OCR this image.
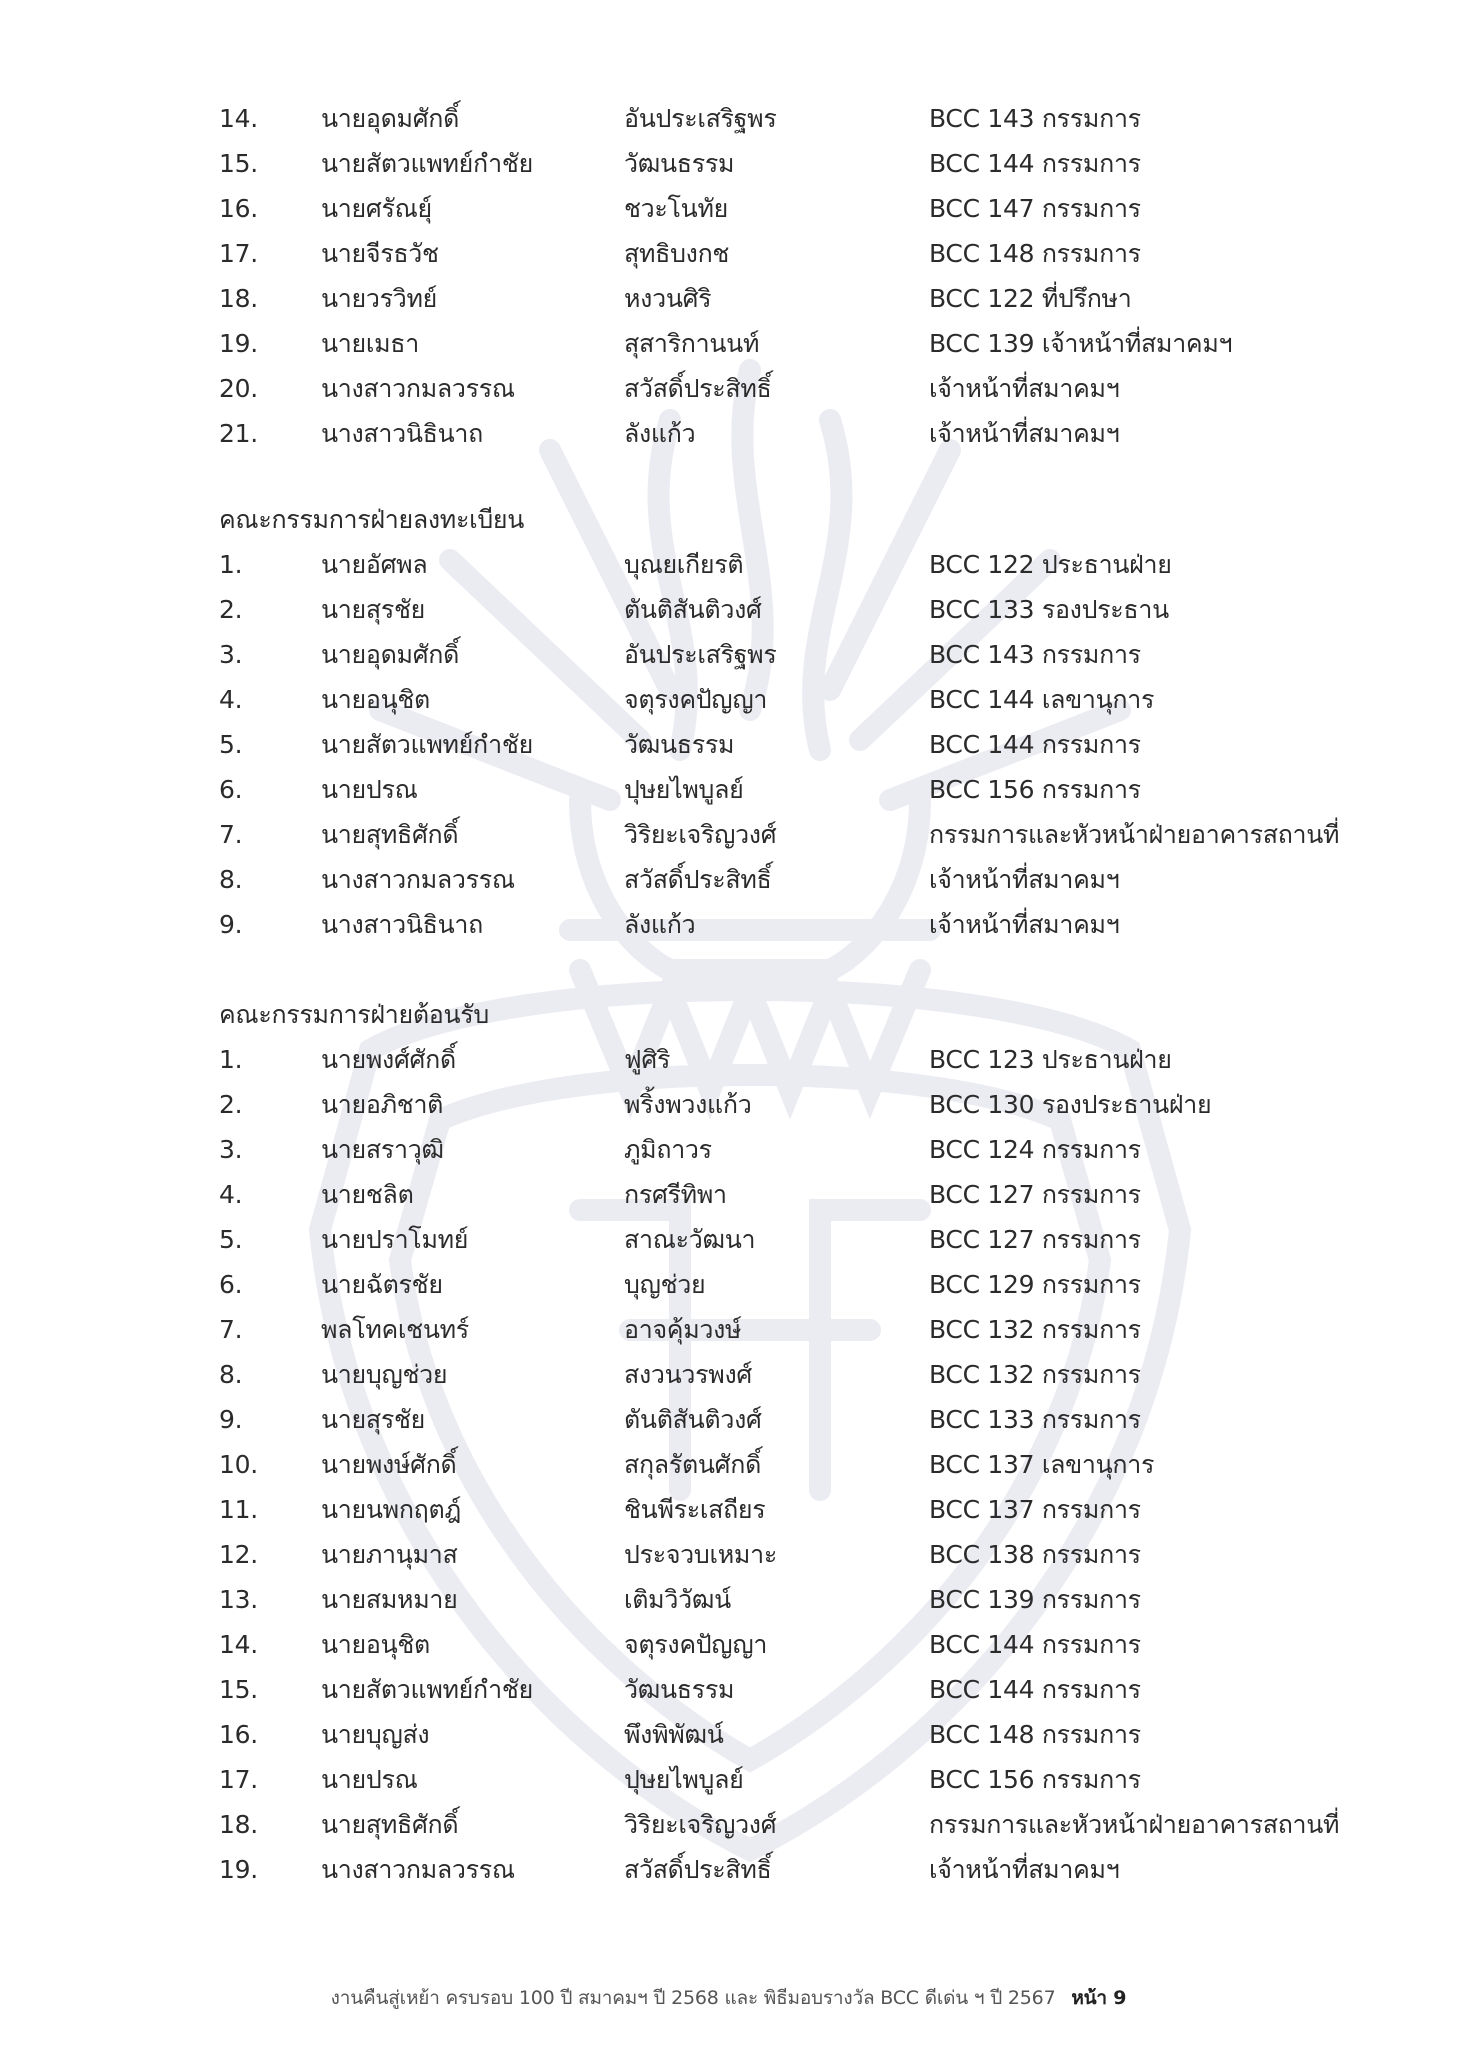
14.	นายอุดมศักดิ์	อันประเสริฐพร	BCC 143 กรรมการ
15.	นายสัตวแพทย์กำชัย	วัฒนธรรม	BCC 144 กรรมการ
16.	นายศรัณย์ุ	ชวะโนทัย	BCC 147 กรรมการ
17.	นายจีรธวัช	สุทธิบงกช	BCC 148 กรรมการ
18.	นายวรวิทย์	หงวนศิริ	BCC 122 ที่ปรึกษา
19.	นายเมธา	สุสาริกานนท์	BCC 139 เจ้าหน้าที่สมาคมฯ
20.	นางสาวกมลวรรณ	สวัสดิ์ประสิทธิ์	เจ้าหน้าที่สมาคมฯ
21.	นางสาวนิธินาถ	ลังแก้ว	เจ้าหน้าที่สมาคมฯ
คณะกรรมการฝ่ายลงทะเบียน
1.	นายอัศพล	บุณยเกียรติ	BCC 122 ประธานฝ่าย
2.	นายสุรชัย	ตันติสันติวงศ์	BCC 133 รองประธาน
3.	นายอุดมศักดิ์	อันประเสริฐพร	BCC 143 กรรมการ
4.	นายอนุชิต	จตุรงคปัญญา	BCC 144 เลขานุการ
5.	นายสัตวแพทย์กำชัย	วัฒนธรรม	BCC 144 กรรมการ
6.	นายปรณ	ปุษยไพบูลย์	BCC 156 กรรมการ
7.	นายสุทธิศักดิ์	วิริยะเจริญวงศ์	กรรมการและหัวหน้าฝ่ายอาคารสถานที่
8.	นางสาวกมลวรรณ	สวัสดิ์ประสิทธิ์	เจ้าหน้าที่สมาคมฯ
9.	นางสาวนิธินาถ	ลังแก้ว	เจ้าหน้าที่สมาคมฯ
คณะกรรมการฝ่ายต้อนรับ
1.	นายพงศ์ศักดิ์	ฟูศิริ	BCC 123 ประธานฝ่าย
2.	นายอภิชาติ	พริ้งพวงแก้ว	BCC 130 รองประธานฝ่าย
3.	นายสราวุฒิ	ภูมิถาวร	BCC 124 กรรมการ
4.	นายชลิต	กรศรีทิพา	BCC 127 กรรมการ
5.	นายปราโมทย์	สาณะวัฒนา	BCC 127 กรรมการ
6.	นายฉัตรชัย	บุญช่วย	BCC 129 กรรมการ
7.	พลโทคเชนทร์	อาจคุ้มวงษ์	BCC 132 กรรมการ
8.	นายบุญช่วย	สงวนวรพงศ์	BCC 132 กรรมการ
9.	นายสุรชัย	ตันติสันติวงศ์	BCC 133 กรรมการ
10.	นายพงษ์ศักดิ์	สกุลรัตนศักดิ์	BCC 137 เลขานุการ
11.	นายนพกฤตฎ์	ชินพีระเสถียร	BCC 137 กรรมการ
12.	นายภานุมาส	ประจวบเหมาะ	BCC 138 กรรมการ
13.	นายสมหมาย	เติมวิวัฒน์	BCC 139 กรรมการ
14.	นายอนุชิต	จตุรงคปัญญา	BCC 144 กรรมการ
15.	นายสัตวแพทย์กำชัย	วัฒนธรรม	BCC 144 กรรมการ
16.	นายบุญส่ง	พึงพิพัฒน์	BCC 148 กรรมการ
17.	นายปรณ	ปุษยไพบูลย์	BCC 156 กรรมการ
18.	นายสุทธิศักดิ์	วิริยะเจริญวงศ์	กรรมการและหัวหน้าฝ่ายอาคารสถานที่
19.	นางสาวกมลวรรณ	สวัสดิ์ประสิทธิ์	เจ้าหน้าที่สมาคมฯ
งานคืนสู่เหย้า ครบรอบ 100 ปี สมาคมฯ ปี 2568 และ พิธีมอบรางวัล BCC ดีเด่น ฯ ปี 2567 หน้า 9
